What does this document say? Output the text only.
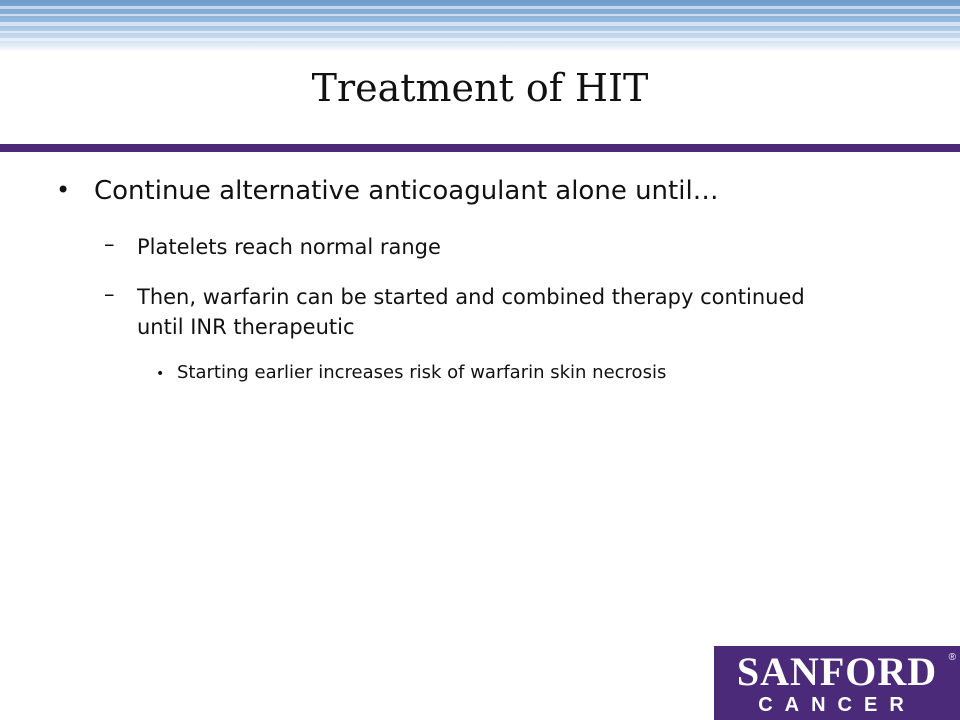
Treatment of HIT
• Continue alternative anticoagulant alone until…
– Platelets reach normal range
– Then, warfarin can be started and combined therapy continued until INR therapeutic
• Starting earlier increases risk of warfarin skin necrosis
SANFORD	®
CANCER
